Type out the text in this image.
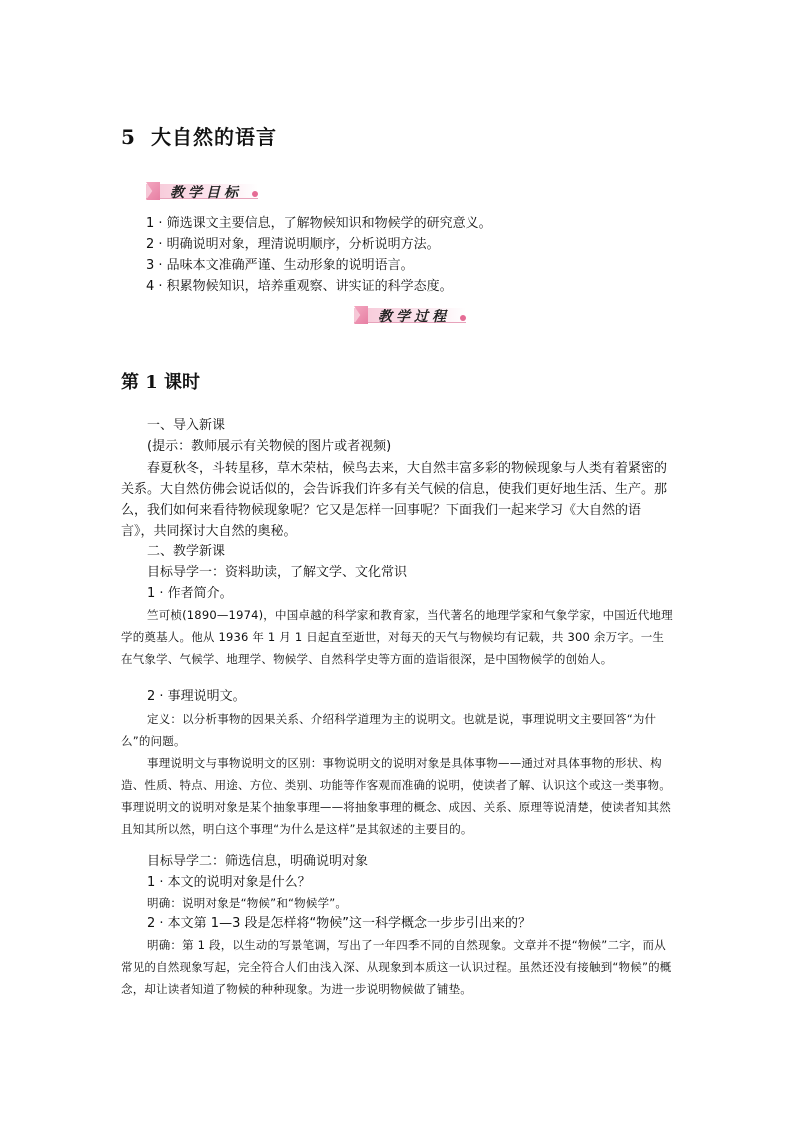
5 大自然的语言
教学目标
1 · 筛选课文主要信息，了解物候知识和物候学的研究意义。
2 · 明确说明对象，理清说明顺序，分析说明方法。
3 · 品味本文准确严谨、生动形象的说明语言。
4 · 积累物候知识，培养重观察、讲实证的科学态度。
教学过程
第 1 课时
一、导入新课
(提示：教师展示有关物候的图片或者视频)
春夏秋冬，斗转星移，草木荣枯，候鸟去来，大自然丰富多彩的物候现象与人类有着紧密的关系。大自然仿佛会说话似的，会告诉我们许多有关气候的信息，使我们更好地生活、生产。那么，我们如何来看待物候现象呢？它又是怎样一回事呢？下面我们一起来学习《大自然的语言》，共同探讨大自然的奥秘。
二、教学新课
目标导学一：资料助读，了解文学、文化常识
1 · 作者简介。
竺可桢(1890—1974)，中国卓越的科学家和教育家，当代著名的地理学家和气象学家，中国近代地理学的奠基人。他从 1936 年 1 月 1 日起直至逝世，对每天的天气与物候均有记载，共 300 余万字。一生在气象学、气候学、地理学、物候学、自然科学史等方面的造诣很深，是中国物候学的创始人。
2 · 事理说明文。
定义：以分析事物的因果关系、介绍科学道理为主的说明文。也就是说，事理说明文主要回答“为什么”的问题。
事理说明文与事物说明文的区别：事物说明文的说明对象是具体事物——通过对具体事物的形状、构造、性质、特点、用途、方位、类别、功能等作客观而准确的说明，使读者了解、认识这个或这一类事物。事理说明文的说明对象是某个抽象事理——将抽象事理的概念、成因、关系、原理等说清楚，使读者知其然且知其所以然，明白这个事理“为什么是这样”是其叙述的主要目的。
目标导学二：筛选信息，明确说明对象
1 · 本文的说明对象是什么？
明确：说明对象是“物候”和“物候学”。
2 · 本文第 1—3 段是怎样将“物候”这一科学概念一步步引出来的？
明确：第 1 段，以生动的写景笔调，写出了一年四季不同的自然现象。文章并不提“物候”二字，而从常见的自然现象写起，完全符合人们由浅入深、从现象到本质这一认识过程。虽然还没有接触到“物候”的概念，却让读者知道了物候的种种现象。为进一步说明物候做了铺垫。
